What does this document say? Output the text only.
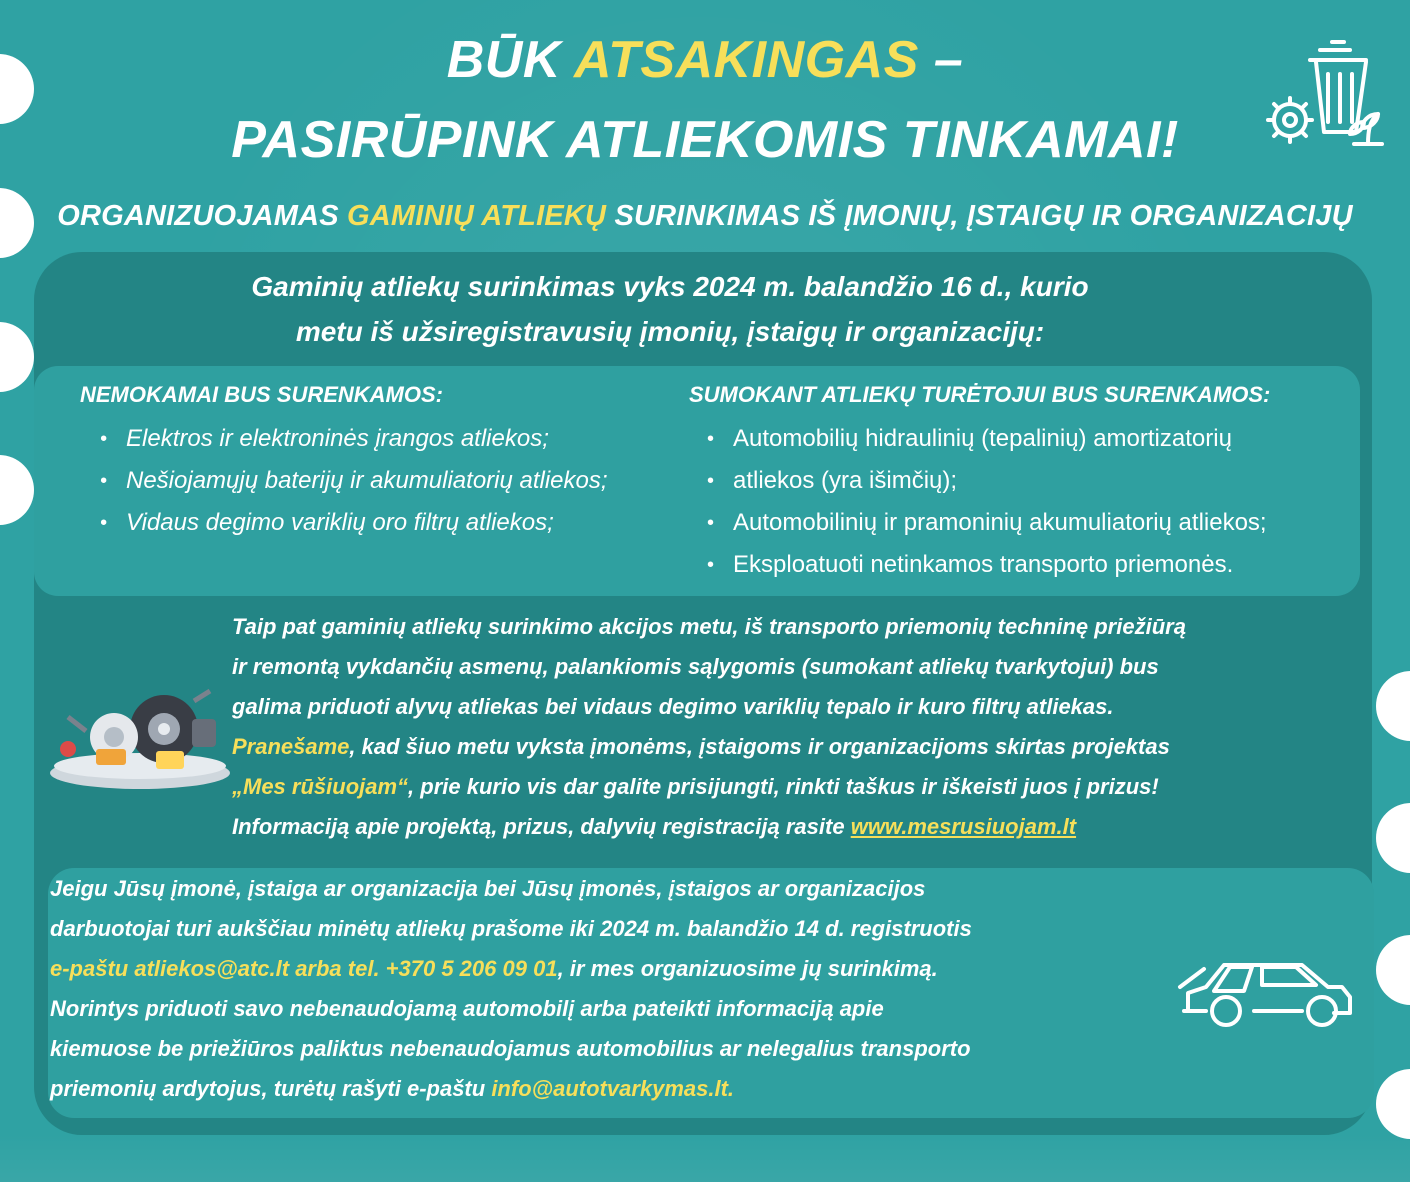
BŪK ATSAKINGAS –
PASIRŪPINK ATLIEKOMIS TINKAMAI!
ORGANIZUOJAMAS GAMINIŲ ATLIEKŲ SURINKIMAS IŠ ĮMONIŲ, ĮSTAIGŲ IR ORGANIZACIJŲ
Gaminių atliekų surinkimas vyks 2024 m. balandžio 16 d., kurio
metu iš užsiregistravusių įmonių, įstaigų ir organizacijų:
NEMOKAMAI BUS SURENKAMOS:
• Elektros ir elektroninės įrangos atliekos;
• Nešiojamųjų baterijų ir akumuliatorių atliekos;
• Vidaus degimo variklių oro filtrų atliekos;
SUMOKANT ATLIEKŲ TURĖTOJUI BUS SURENKAMOS:
• Automobilių hidraulinių (tepalinių) amortizatorių
• atliekos (yra išimčių);
• Automobilinių ir pramoninių akumuliatorių atliekos;
• Eksploatuoti netinkamos transporto priemonės.
Taip pat gaminių atliekų surinkimo akcijos metu, iš transporto priemonių techninę priežiūrą
ir remontą vykdančių asmenų, palankiomis sąlygomis (sumokant atliekų tvarkytojui) bus
galima priduoti alyvų atliekas bei vidaus degimo variklių tepalo ir kuro filtrų atliekas.
Pranešame, kad šiuo metu vyksta įmonėms, įstaigoms ir organizacijoms skirtas projektas
„Mes rūšiuojam“, prie kurio vis dar galite prisijungti, rinkti taškus ir iškeisti juos į prizus!
Informaciją apie projektą, prizus, dalyvių registraciją rasite www.mesrusiuojam.lt
Jeigu Jūsų įmonė, įstaiga ar organizacija bei Jūsų įmonės, įstaigos ar organizacijos
darbuotojai turi aukščiau minėtų atliekų prašome iki 2024 m. balandžio 14 d. registruotis
e-paštu atliekos@atc.lt arba tel. +370 5 206 09 01, ir mes organizuosime jų surinkimą.
Norintys priduoti savo nebenaudojamą automobilį arba pateikti informaciją apie
kiemuose be priežiūros paliktus nebenaudojamus automobilius ar nelegalius transporto
priemonių ardytojus, turėtų rašyti e-paštu info@autotvarkymas.lt.
